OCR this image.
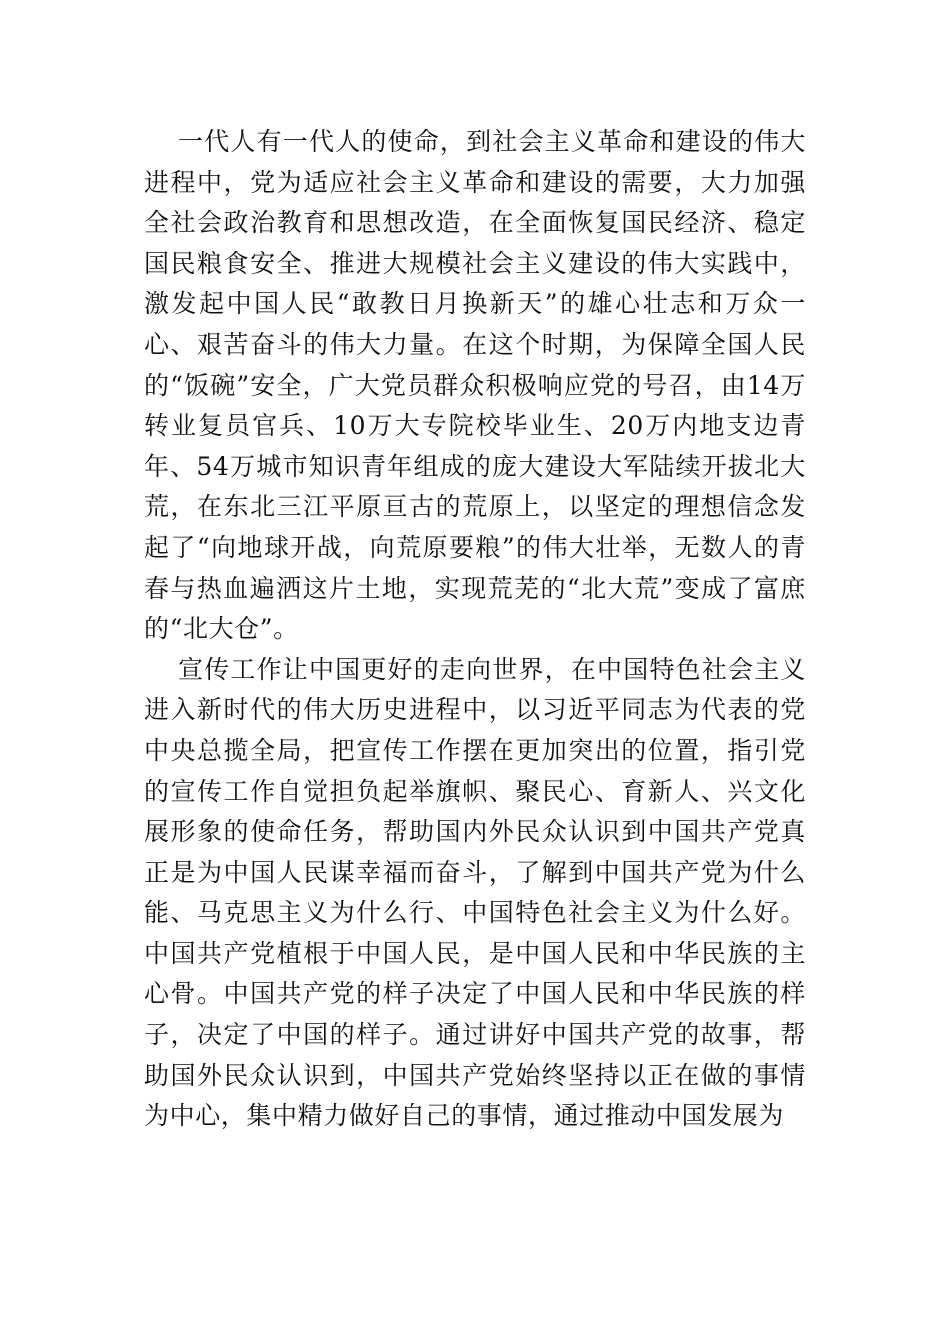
一代人有一代人的使命，到社会主义革命和建设的伟大进程中，党为适应社会主义革命和建设的需要，大力加强全社会政治教育和思想改造，在全面恢复国民经济、稳定国民粮食安全、推进大规模社会主义建设的伟大实践中，激发起中国人民“敢教日月换新天”的雄心壮志和万众一心、艰苦奋斗的伟大力量。在这个时期，为保障全国人民的“饭碗”安全，广大党员群众积极响应党的号召，由14万转业复员官兵、10万大专院校毕业生、20万内地支边青年、54万城市知识青年组成的庞大建设大军陆续开拔北大荒，在东北三江平原亘古的荒原上，以坚定的理想信念发起了“向地球开战，向荒原要粮”的伟大壮举，无数人的青春与热血遍洒这片土地，实现荒芜的“北大荒”变成了富庶的“北大仓”。

宣传工作让中国更好的走向世界，在中国特色社会主义进入新时代的伟大历史进程中，以习近平同志为代表的党中央总揽全局，把宣传工作摆在更加突出的位置，指引党的宣传工作自觉担负起举旗帜、聚民心、育新人、兴文化展形象的使命任务，帮助国内外民众认识到中国共产党真正是为中国人民谋幸福而奋斗，了解到中国共产党为什么能、马克思主义为什么行、中国特色社会主义为什么好。中国共产党植根于中国人民，是中国人民和中华民族的主心骨。中国共产党的样子决定了中国人民和中华民族的样子，决定了中国的样子。通过讲好中国共产党的故事，帮助国外民众认识到，中国共产党始终坚持以正在做的事情为中心，集中精力做好自己的事情，通过推动中国发展为
